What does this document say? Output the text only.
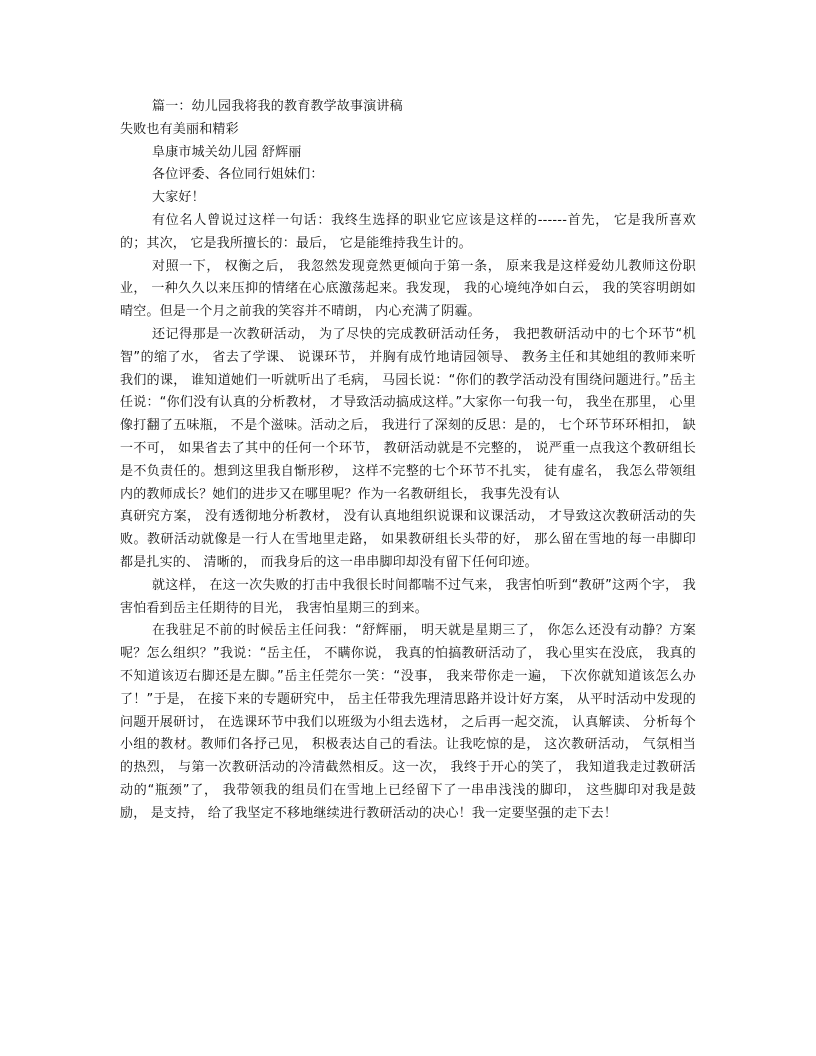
篇一：幼儿园我将我的教育教学故事演讲稿

失败也有美丽和精彩

阜康市城关幼儿园 舒辉丽

各位评委、各位同行姐妹们：

大家好！

有位名人曾说过这样一句话：我终生选择的职业它应该是这样的------首先， 它是我所喜欢的；其次， 它是我所擅长的：最后， 它是能维持我生计的。

对照一下， 权衡之后， 我忽然发现竟然更倾向于第一条， 原来我是这样爱幼儿教师这份职业， 一种久久以来压抑的情绪在心底激荡起来。我发现， 我的心境纯净如白云， 我的笑容明朗如晴空。但是一个月之前我的笑容并不晴朗， 内心充满了阴霾。

还记得那是一次教研活动， 为了尽快的完成教研活动任务， 我把教研活动中的七个环节“机智”的缩了水， 省去了学课、 说课环节， 并胸有成竹地请园领导、 教务主任和其她组的教师来听我们的课， 谁知道她们一听就听出了毛病， 马园长说：“你们的教学活动没有围绕问题进行。”岳主任说：“你们没有认真的分析教材， 才导致活动搞成这样。”大家你一句我一句， 我坐在那里， 心里像打翻了五味瓶， 不是个滋味。活动之后， 我进行了深刻的反思：是的， 七个环节环环相扣， 缺一不可， 如果省去了其中的任何一个环节， 教研活动就是不完整的， 说严重一点我这个教研组长是不负责任的。想到这里我自惭形秽， 这样不完整的七个环节不扎实， 徒有虚名， 我怎么带领组内的教师成长？她们的进步又在哪里呢？作为一名教研组长， 我事先没有认

真研究方案， 没有透彻地分析教材， 没有认真地组织说课和议课活动， 才导致这次教研活动的失败。教研活动就像是一行人在雪地里走路， 如果教研组长头带的好， 那么留在雪地的每一串脚印都是扎实的、 清晰的， 而我身后的这一串串脚印却没有留下任何印迹。

就这样， 在这一次失败的打击中我很长时间都喘不过气来， 我害怕听到“教研”这两个字， 我害怕看到岳主任期待的目光， 我害怕星期三的到来。

在我驻足不前的时候岳主任问我：“舒辉丽， 明天就是星期三了， 你怎么还没有动静？方案呢？怎么组织？”我说：“岳主任， 不瞒你说， 我真的怕搞教研活动了， 我心里实在没底， 我真的不知道该迈右脚还是左脚。”岳主任莞尔一笑：“没事， 我来带你走一遍， 下次你就知道该怎么办了！”于是， 在接下来的专题研究中， 岳主任带我先理清思路并设计好方案， 从平时活动中发现的问题开展研讨， 在选课环节中我们以班级为小组去选材， 之后再一起交流， 认真解读、 分析每个小组的教材。教师们各抒己见， 积极表达自己的看法。让我吃惊的是， 这次教研活动， 气氛相当的热烈， 与第一次教研活动的冷清截然相反。这一次， 我终于开心的笑了， 我知道我走过教研活动的“瓶颈”了， 我带领我的组员们在雪地上已经留下了一串串浅浅的脚印， 这些脚印对我是鼓励， 是支持， 给了我坚定不移地继续进行教研活动的决心！我一定要坚强的走下去！
